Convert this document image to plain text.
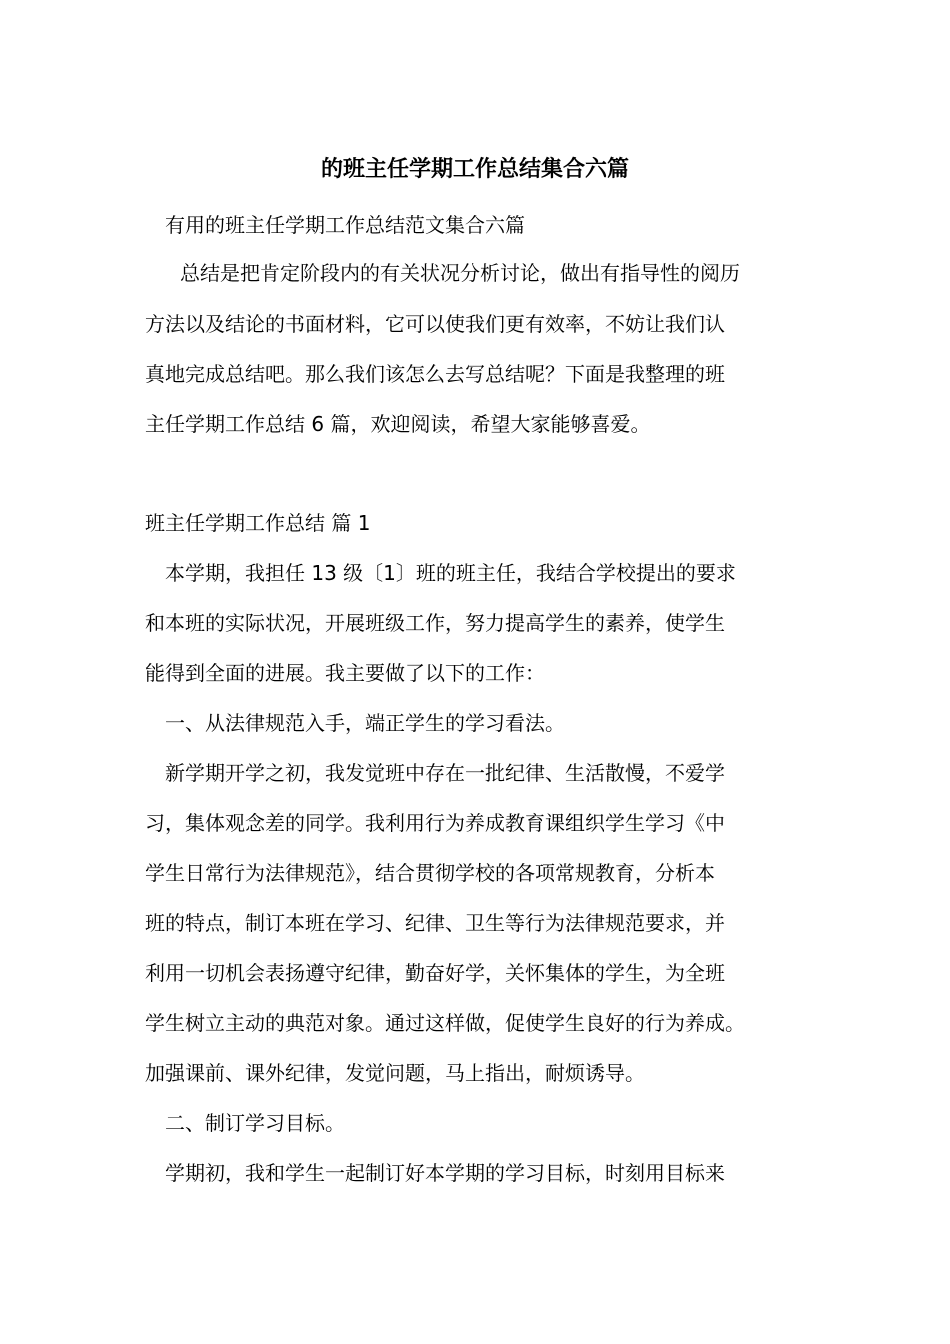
的班主任学期工作总结集合六篇
有用的班主任学期工作总结范文集合六篇
总结是把肯定阶段内的有关状况分析讨论，做出有指导性的阅历
方法以及结论的书面材料，它可以使我们更有效率，不妨让我们认
真地完成总结吧。那么我们该怎么去写总结呢？下面是我整理的班
主任学期工作总结 6 篇，欢迎阅读，希望大家能够喜爱。
班主任学期工作总结 篇 1
本学期，我担任 13 级〔1〕班的班主任，我结合学校提出的要求
和本班的实际状况，开展班级工作，努力提高学生的素养，使学生
能得到全面的进展。我主要做了以下的工作：
一、从法律规范入手，端正学生的学习看法。
新学期开学之初，我发觉班中存在一批纪律、生活散慢，不爱学
习，集体观念差的同学。我利用行为养成教育课组织学生学习《中
学生日常行为法律规范》，结合贯彻学校的各项常规教育，分析本
班的特点，制订本班在学习、纪律、卫生等行为法律规范要求，并
利用一切机会表扬遵守纪律，勤奋好学，关怀集体的学生，为全班
学生树立主动的典范对象。通过这样做，促使学生良好的行为养成。
加强课前、课外纪律，发觉问题，马上指出，耐烦诱导。
二、制订学习目标。
学期初，我和学生一起制订好本学期的学习目标，时刻用目标来
